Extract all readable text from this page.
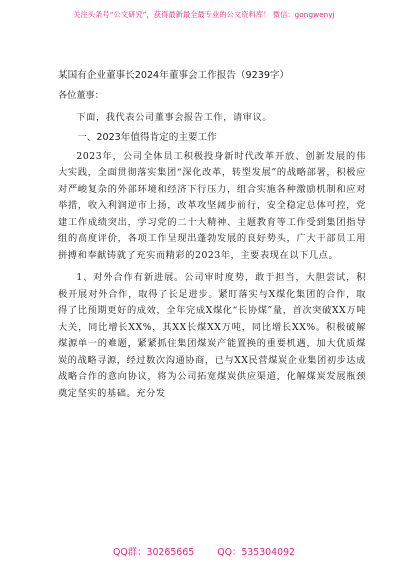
关注头条号“公文研究”，获得最新最全最专业的公文资料库！ 微信：gongwenyj
某国有企业董事长2024年董事会工作报告（9239字）
各位董事：

下面，我代表公司董事会报告工作，请审议。

一、2023年值得肯定的主要工作

2023年，公司全体员工积极投身新时代改革开放、创新发展的伟大实践，全面贯彻落实集团“深化改革，转型发展”的战略部署，积极应对严峻复杂的外部环境和经济下行压力，组合实施各种激励机制和应对举措，收入利润逆市上扬，改革攻坚阔步前行，安全稳定总体可控，党建工作成绩突出，学习党的二十大精神、主题教育等工作受到集团指导组的高度评价，各项工作呈现出蓬勃发展的良好势头，广大干部员工用拼搏和奉献铸就了充实而精彩的2023年，主要表现在以下几点。

1、对外合作有新进展。公司审时度势，敢于担当，大胆尝试，积极开展对外合作，取得了长足进步。紧盯落实与X煤化集团的合作，取得了比预期更好的成效，全年完成X煤化“长协煤”量，首次突破XX万吨大关，同比增长XX%，其XX长煤XX万吨，同比增长XX%。积极破解煤源单一的难题，紧紧抓住集团煤炭产能置换的重要机遇，加大优质煤炭的战略寻源，经过数次沟通协商，已与XX民营煤炭企业集团初步达成战略合作的意向协议，将为公司拓宽煤炭供应渠道，化解煤炭发展瓶颈奠定坚实的基础。充分发

QQ群：30265665 QQ：535304092
